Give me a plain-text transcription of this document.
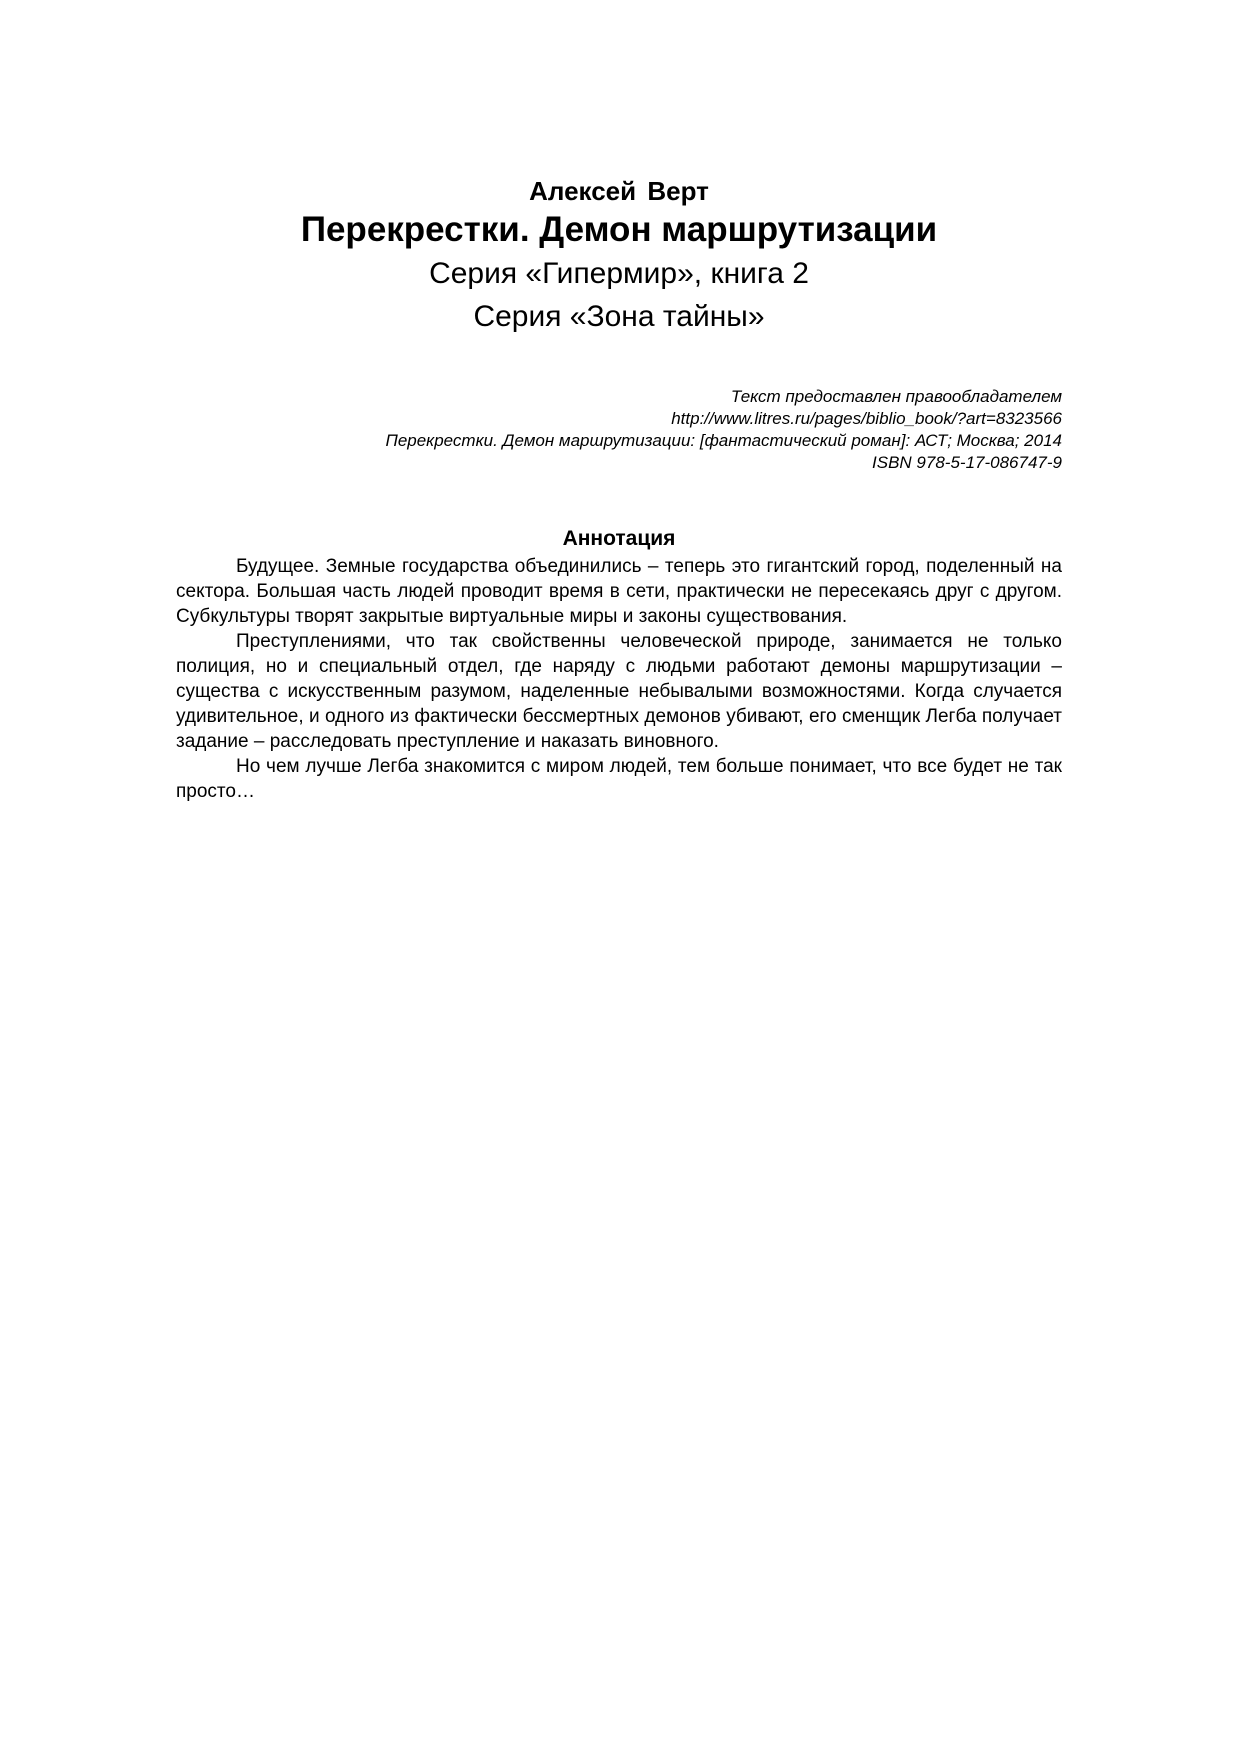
Алексей Верт
Перекрестки. Демон маршрутизации
Серия «Гипермир», книга 2
Серия «Зона тайны»
Текст предоставлен правообладателем
http://www.litres.ru/pages/biblio_book/?art=8323566
Перекрестки. Демон маршрутизации: [фантастический роман]: АСТ; Москва; 2014
ISBN 978-5-17-086747-9
Аннотация

Будущее. Земные государства объединились – теперь это гигантский город, поделенный на сектора. Большая часть людей проводит время в сети, практически не пересекаясь друг с другом. Субкультуры творят закрытые виртуальные миры и законы существования.

Преступлениями, что так свойственны человеческой природе, занимается не только полиция, но и специальный отдел, где наряду с людьми работают демоны маршрутизации – существа с искусственным разумом, наделенные небывалыми возможностями. Когда случается удивительное, и одного из фактически бессмертных демонов убивают, его сменщик Легба получает задание – расследовать преступление и наказать виновного.

Но чем лучше Легба знакомится с миром людей, тем больше понимает, что все будет не так просто…
